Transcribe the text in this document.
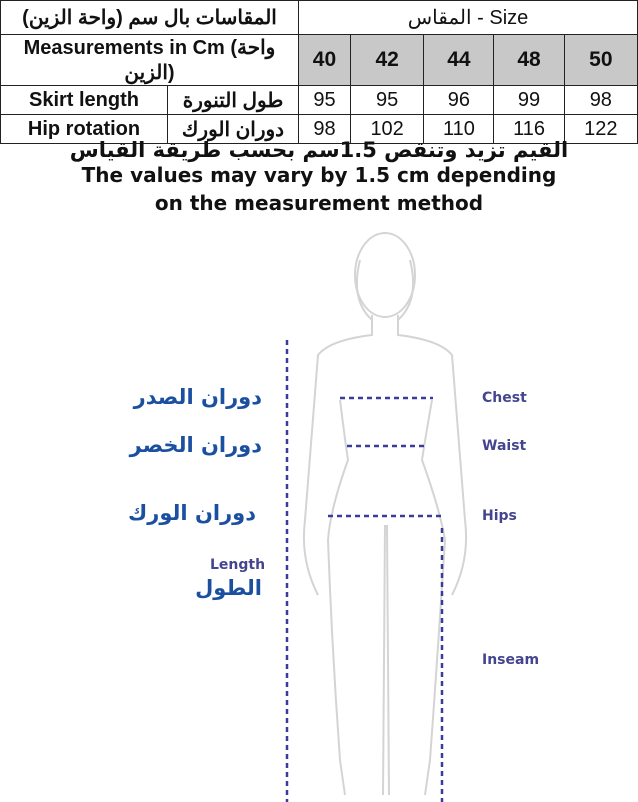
المقاسات بال سم (واحة الزين)		المقاس - Size				
Measurements in Cm (واحة الزين)		40	42	44	48	50
Skirt length	طول التنورة	95	95	96	99	98
Hip rotation	دوران الورك	98	102	110	116	122
القيم تزيد وتنقص 1.5سم بحسب طريقة القياس
The values may vary by 1.5 cm depending
on the measurement method
دوران الصدر
دوران الخصر
دوران الورك
Length
الطول
Chest
Waist
Hips
Inseam
